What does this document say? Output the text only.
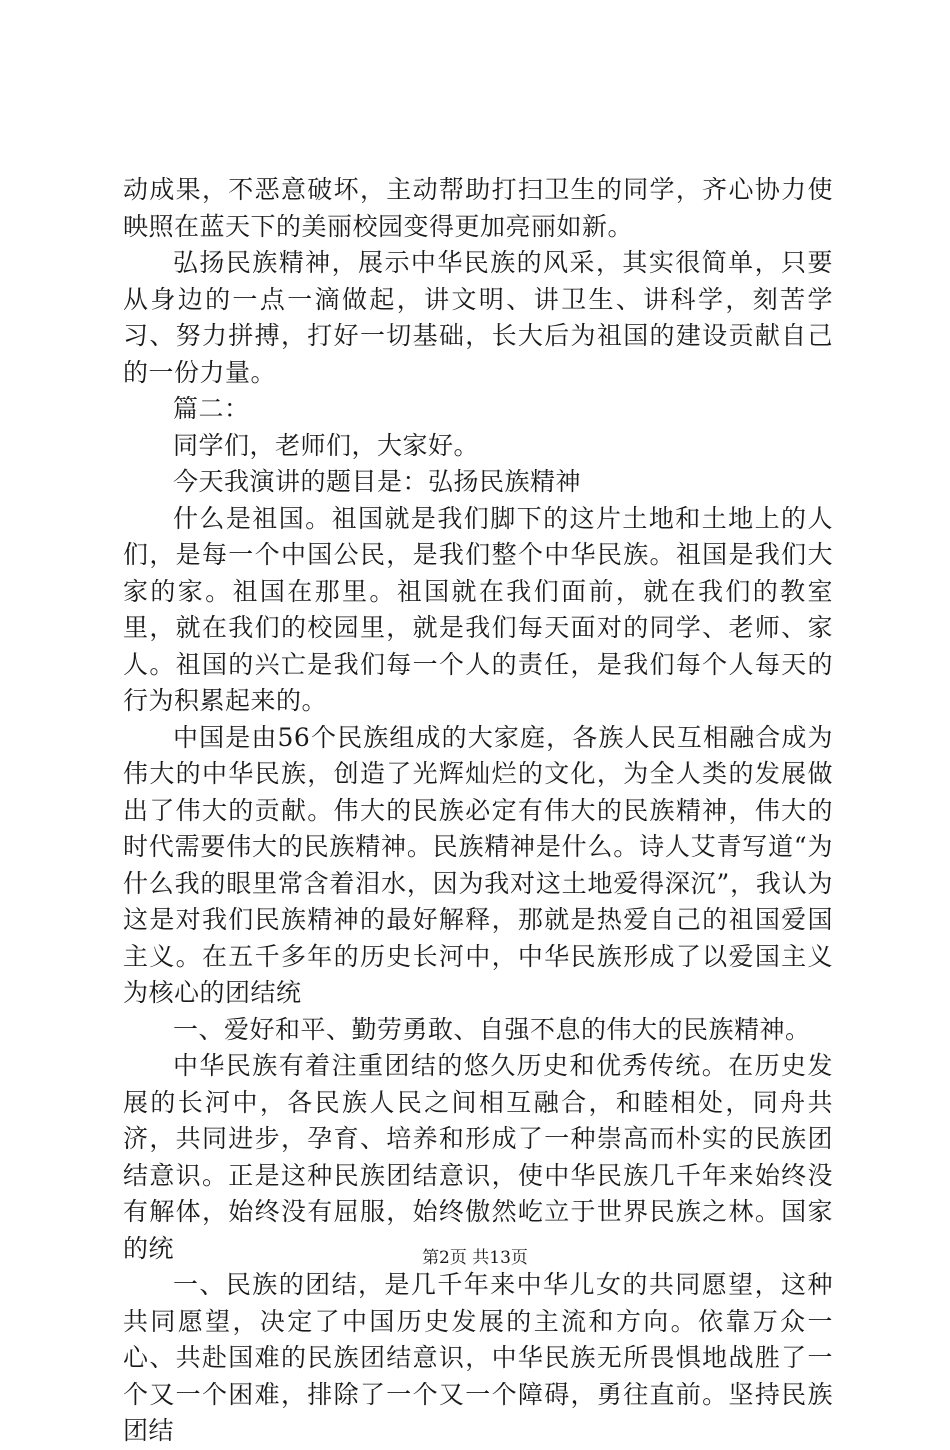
动成果，不恶意破坏，主动帮助打扫卫生的同学，齐心协力使映照在蓝天下的美丽校园变得更加亮丽如新。

弘扬民族精神，展示中华民族的风采，其实很简单，只要从身边的一点一滴做起，讲文明、讲卫生、讲科学，刻苦学习、努力拼搏，打好一切基础，长大后为祖国的建设贡献自己的一份力量。

篇二：

同学们，老师们，大家好。

今天我演讲的题目是：弘扬民族精神

什么是祖国。祖国就是我们脚下的这片土地和土地上的人们，是每一个中国公民，是我们整个中华民族。祖国是我们大家的家。祖国在那里。祖国就在我们面前，就在我们的教室里，就在我们的校园里，就是我们每天面对的同学、老师、家人。祖国的兴亡是我们每一个人的责任，是我们每个人每天的行为积累起来的。

中国是由56个民族组成的大家庭，各族人民互相融合成为伟大的中华民族，创造了光辉灿烂的文化，为全人类的发展做出了伟大的贡献。伟大的民族必定有伟大的民族精神，伟大的时代需要伟大的民族精神。民族精神是什么。诗人艾青写道“为什么我的眼里常含着泪水，因为我对这土地爱得深沉”，我认为这是对我们民族精神的最好解释，那就是热爱自己的祖国爱国主义。在五千多年的历史长河中，中华民族形成了以爱国主义为核心的团结统

一、爱好和平、勤劳勇敢、自强不息的伟大的民族精神。

中华民族有着注重团结的悠久历史和优秀传统。在历史发展的长河中，各民族人民之间相互融合，和睦相处，同舟共济，共同进步，孕育、培养和形成了一种崇高而朴实的民族团结意识。正是这种民族团结意识，使中华民族几千年来始终没有解体，始终没有屈服，始终傲然屹立于世界民族之林。国家的统

一、民族的团结，是几千年来中华儿女的共同愿望，这种共同愿望，决定了中国历史发展的主流和方向。依靠万众一心、共赴国难的民族团结意识，中华民族无所畏惧地战胜了一个又一个困难，排除了一个又一个障碍，勇往直前。坚持民族团结

第2页 共13页
